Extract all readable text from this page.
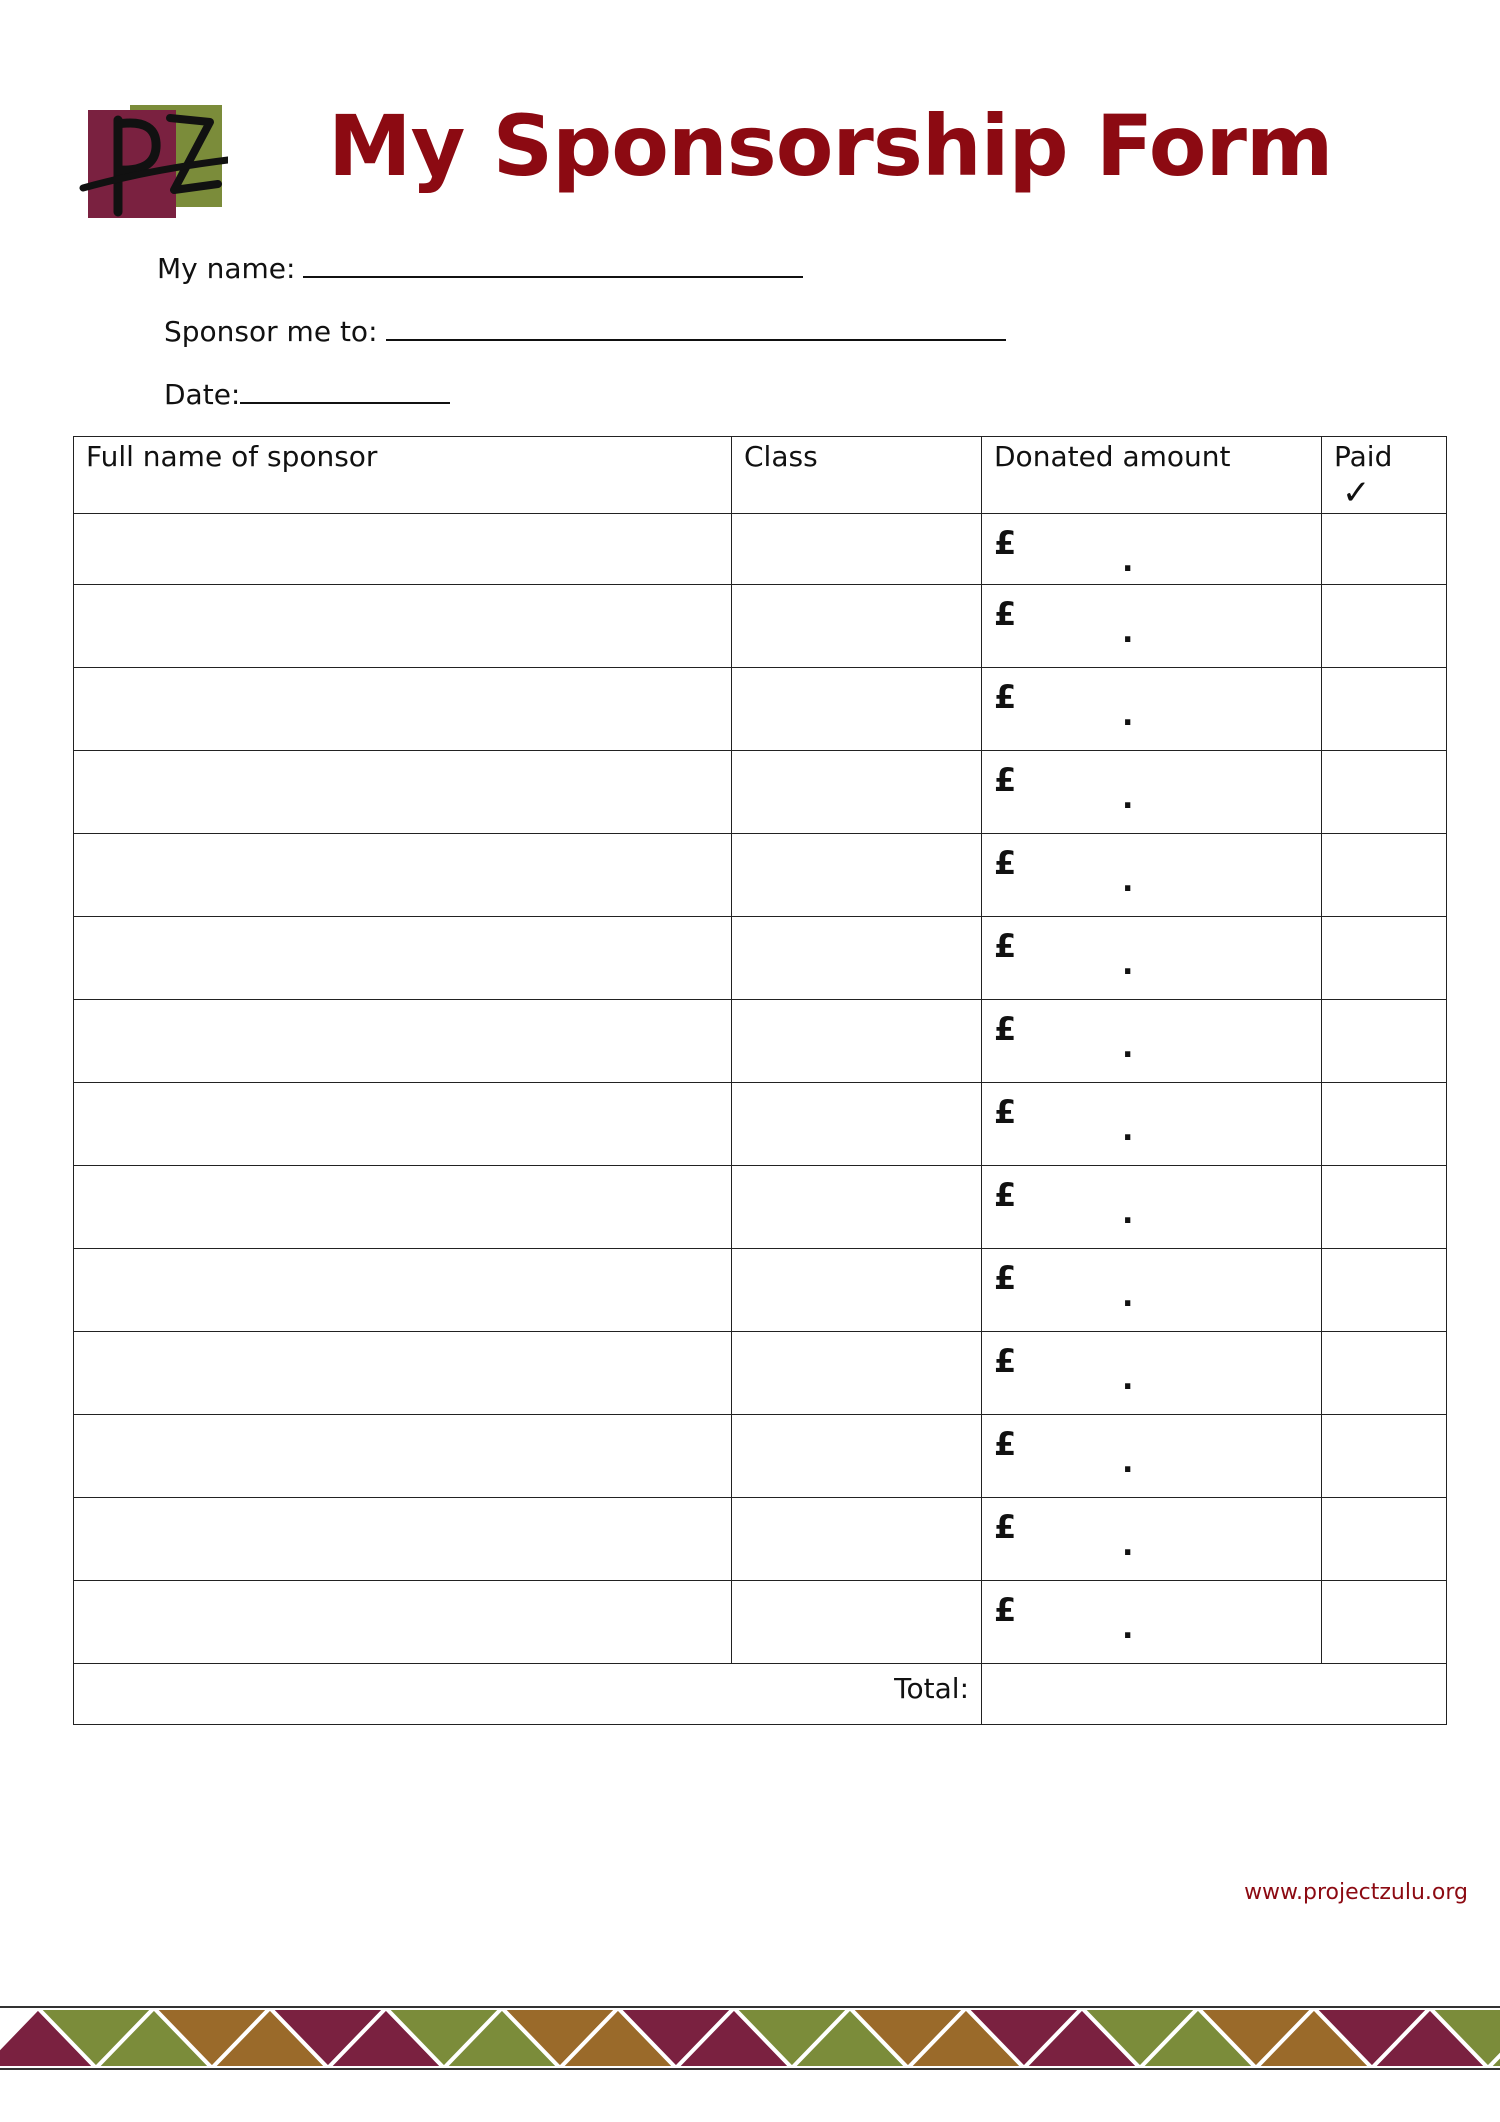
My Sponsorship Form
My name:
Sponsor me to:
Date:
Full name of sponsor	Class	Donated amount	Paid
✓

		£ .	

		£ .	

		£ .	

		£ .	

		£ .	

		£ .	

		£ .	

		£ .	

		£ .	

		£ .	

		£ .	

		£ .	

		£ .	

		£ .	

Total:			
www.projectzulu.org
